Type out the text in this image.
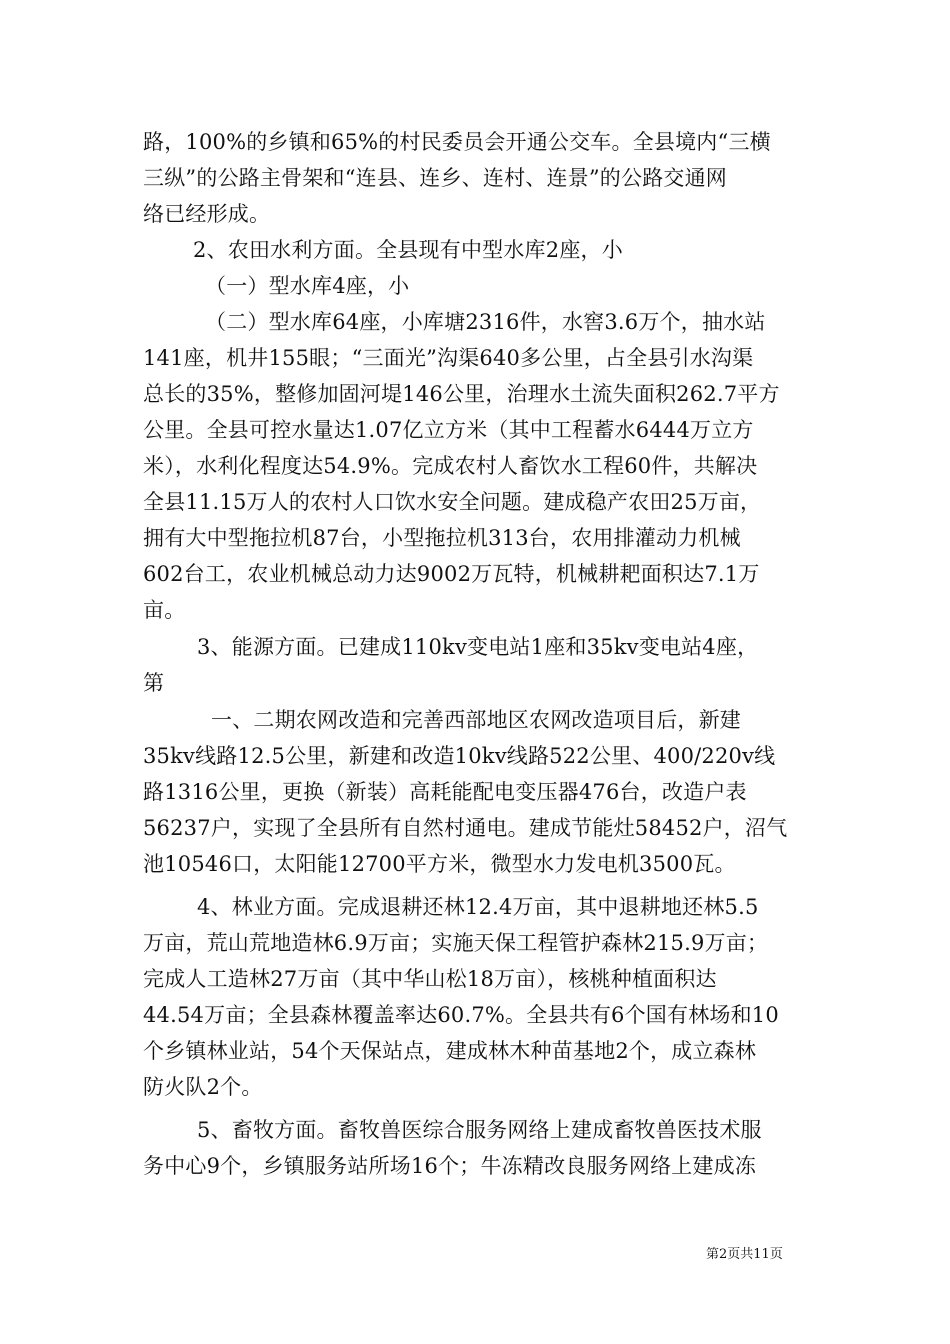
路，100%的乡镇和65%的村民委员会开通公交车。全县境内“三横
三纵”的公路主骨架和“连县、连乡、连村、连景”的公路交通网
络已经形成。
2、农田水利方面。全县现有中型水库2座，小
（一）型水库4座，小
（二）型水库64座，小库塘2316件，水窖3.6万个，抽水站
141座，机井155眼；“三面光”沟渠640多公里，占全县引水沟渠
总长的35%，整修加固河堤146公里，治理水土流失面积262.7平方
公里。全县可控水量达1.07亿立方米（其中工程蓄水6444万立方
米），水利化程度达54.9%。完成农村人畜饮水工程60件，共解决
全县11.15万人的农村人口饮水安全问题。建成稳产农田25万亩，
拥有大中型拖拉机87台，小型拖拉机313台，农用排灌动力机械
602台工，农业机械总动力达9002万瓦特，机械耕耙面积达7.1万
亩。
3、能源方面。已建成110kv变电站1座和35kv变电站4座，
第
一、二期农网改造和完善西部地区农网改造项目后，新建
35kv线路12.5公里，新建和改造10kv线路522公里、400/220v线
路1316公里，更换（新装）高耗能配电变压器476台，改造户表
56237户，实现了全县所有自然村通电。建成节能灶58452户，沼气
池10546口，太阳能12700平方米，微型水力发电机3500瓦。
4、林业方面。完成退耕还林12.4万亩，其中退耕地还林5.5
万亩，荒山荒地造林6.9万亩；实施天保工程管护森林215.9万亩；
完成人工造林27万亩（其中华山松18万亩），核桃种植面积达
44.54万亩；全县森林覆盖率达60.7%。全县共有6个国有林场和10
个乡镇林业站，54个天保站点，建成林木种苗基地2个，成立森林
防火队2个。
5、畜牧方面。畜牧兽医综合服务网络上建成畜牧兽医技术服
务中心9个，乡镇服务站所场16个；牛冻精改良服务网络上建成冻
第2页共11页
